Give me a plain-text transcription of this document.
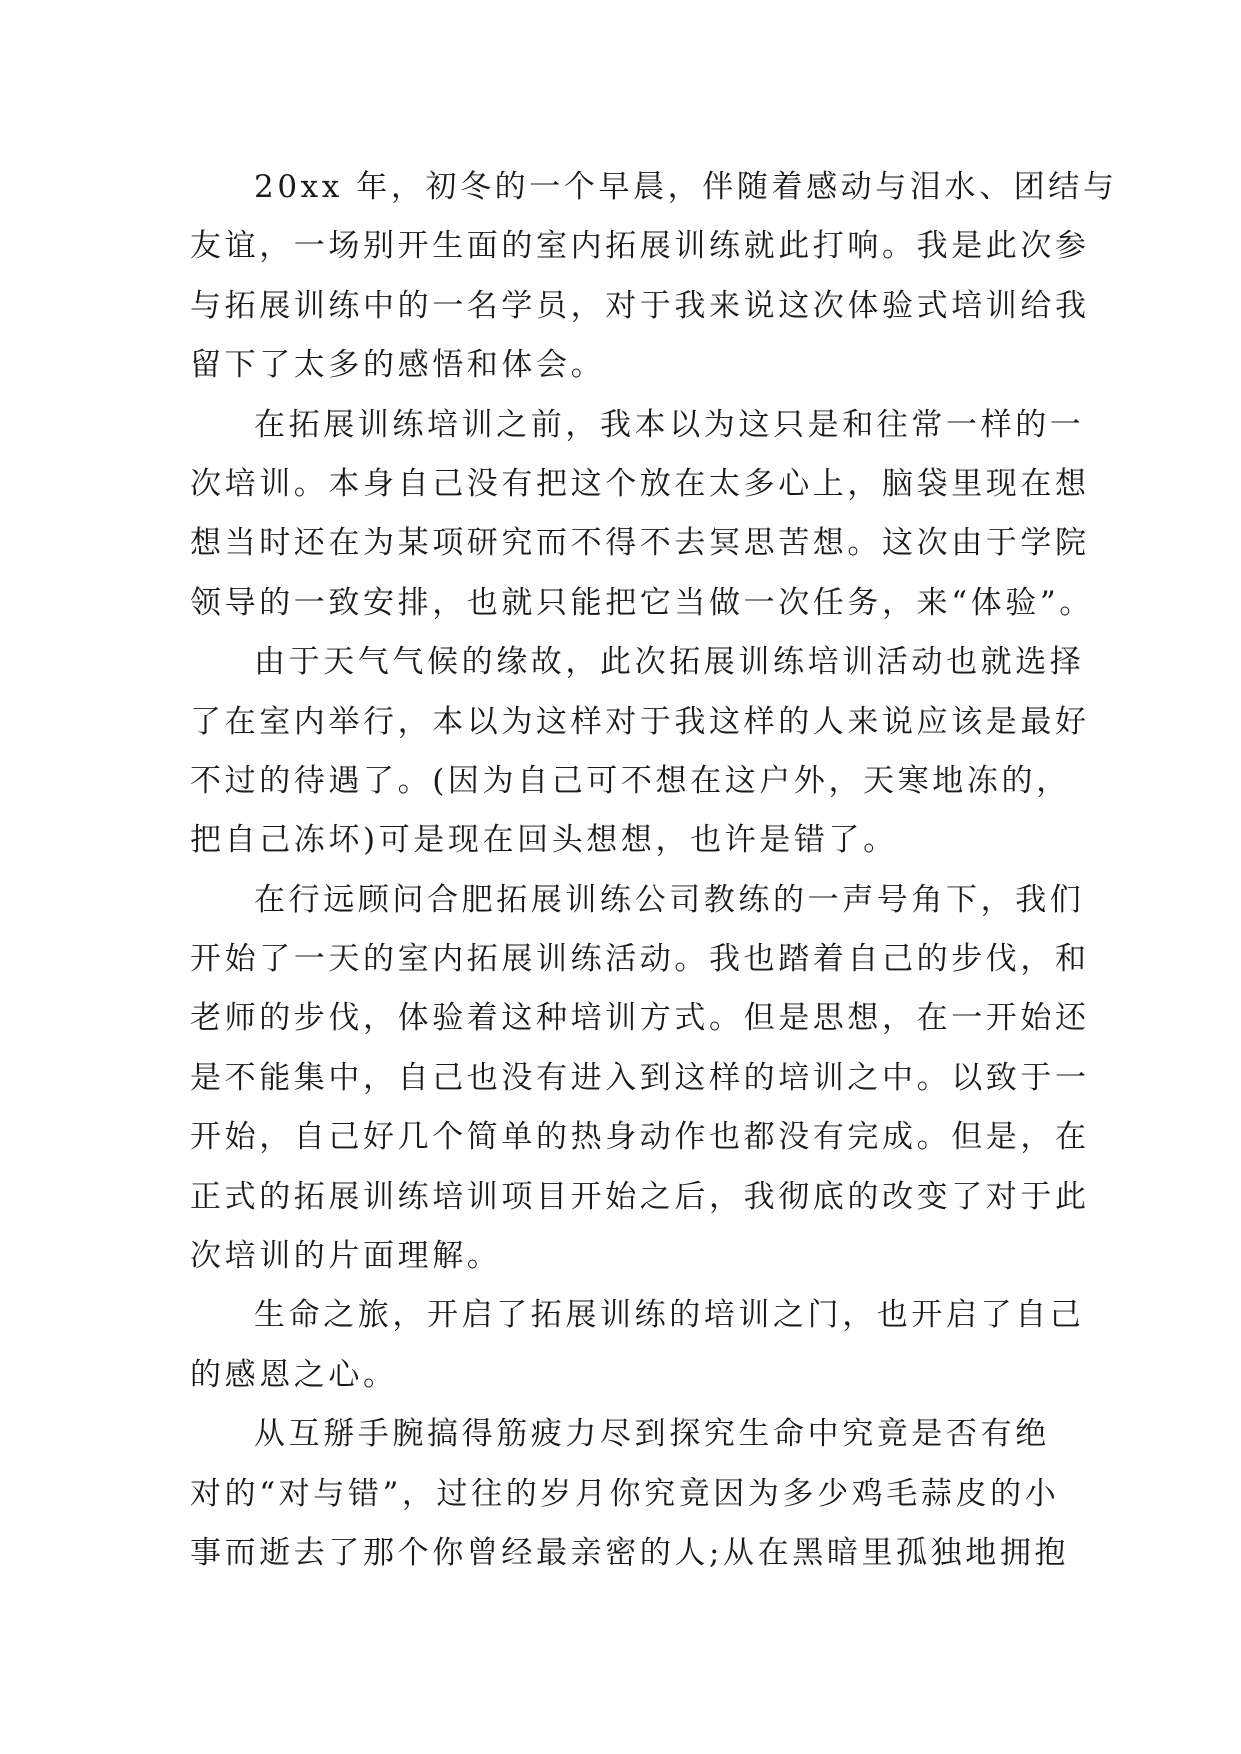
20xx 年，初冬的一个早晨，伴随着感动与泪水、团结与
友谊，一场别开生面的室内拓展训练就此打响。我是此次参
与拓展训练中的一名学员，对于我来说这次体验式培训给我
留下了太多的感悟和体会。
在拓展训练培训之前，我本以为这只是和往常一样的一
次培训。本身自己没有把这个放在太多心上，脑袋里现在想
想当时还在为某项研究而不得不去冥思苦想。这次由于学院
领导的一致安排，也就只能把它当做一次任务，来“体验”。
由于天气气候的缘故，此次拓展训练培训活动也就选择
了在室内举行，本以为这样对于我这样的人来说应该是最好
不过的待遇了。(因为自己可不想在这户外，天寒地冻的，
把自己冻坏)可是现在回头想想，也许是错了。
在行远顾问合肥拓展训练公司教练的一声号角下，我们
开始了一天的室内拓展训练活动。我也踏着自己的步伐，和
老师的步伐，体验着这种培训方式。但是思想，在一开始还
是不能集中，自己也没有进入到这样的培训之中。以致于一
开始，自己好几个简单的热身动作也都没有完成。但是，在
正式的拓展训练培训项目开始之后，我彻底的改变了对于此
次培训的片面理解。
生命之旅，开启了拓展训练的培训之门，也开启了自己
的感恩之心。
从互掰手腕搞得筋疲力尽到探究生命中究竟是否有绝
对的“对与错”，过往的岁月你究竟因为多少鸡毛蒜皮的小
事而逝去了那个你曾经最亲密的人;从在黑暗里孤独地拥抱
